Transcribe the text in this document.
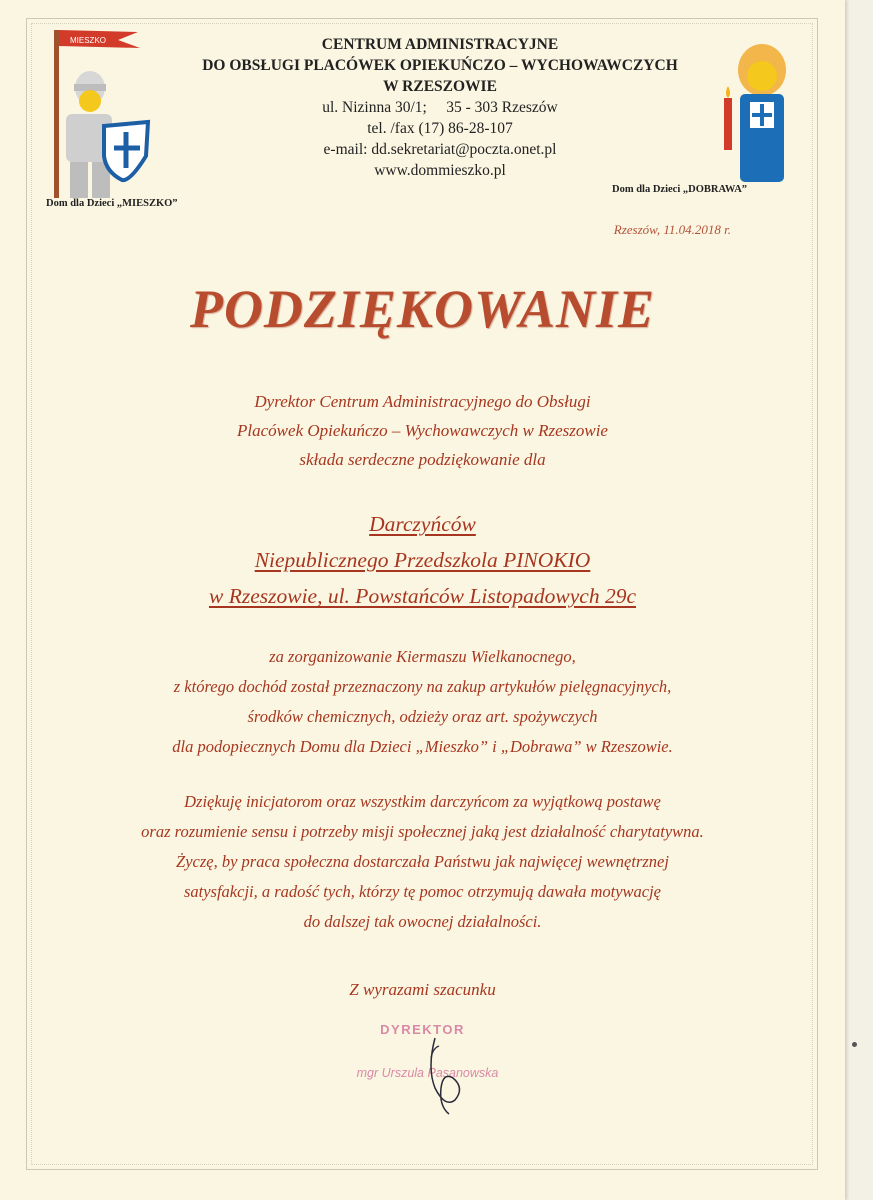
MIESZKO
Dom dla Dzieci „MIESZKO”
Dom dla Dzieci „DOBRAWA”
CENTRUM ADMINISTRACYJNE
DO OBSŁUGI PLACÓWEK OPIEKUŃCZO – WYCHOWAWCZYCH
W RZESZOWIE
ul. Nizinna 30/1;     35 - 303 Rzeszów
tel. /fax (17) 86-28-107
e-mail: dd.sekretariat@poczta.onet.pl
www.dommieszko.pl
Rzeszów, 11.04.2018 r.
PODZIĘKOWANIE
Dyrektor Centrum Administracyjnego do Obsługi
Placówek Opiekuńczo – Wychowawczych w Rzeszowie
składa serdeczne podziękowanie dla
Darczyńców
Niepublicznego Przedszkola PINOKIO
w Rzeszowie, ul. Powstańców Listopadowych 29c
za zorganizowanie Kiermaszu Wielkanocnego,
z którego dochód został przeznaczony na zakup artykułów pielęgnacyjnych,
środków chemicznych, odzieży oraz art. spożywczych
dla podopiecznych Domu dla Dzieci „Mieszko” i „Dobrawa” w Rzeszowie.
Dziękuję inicjatorom oraz wszystkim darczyńcom za wyjątkową postawę
oraz rozumienie sensu i potrzeby misji społecznej jaką jest działalność charytatywna.
Życzę, by praca społeczna dostarczała Państwu jak najwięcej wewnętrznej
satysfakcji, a radość tych, którzy tę pomoc otrzymują dawała motywację
do dalszej tak owocnej działalności.
Z wyrazami szacunku
DYREKTOR
mgr Urszula Pasanowska
